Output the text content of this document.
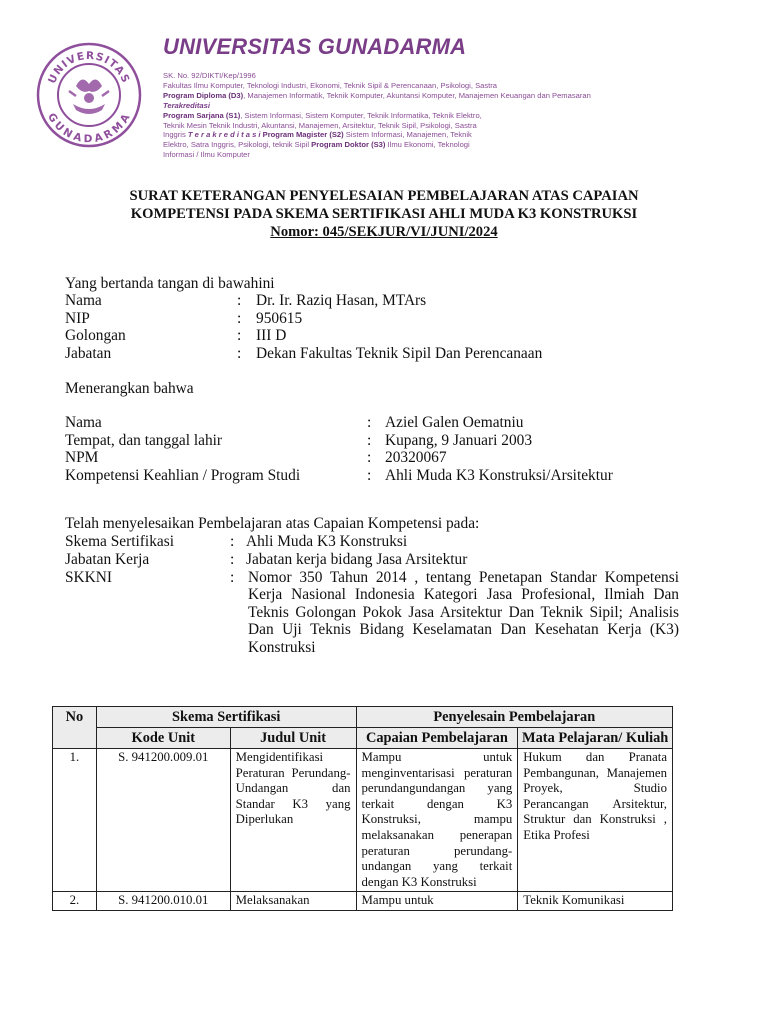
UNIVERSITAS
GUNADARMA
UNIVERSITAS GUNADARMA
SK. No. 92/DIKTI/Kep/1996
Fakultas Ilmu Komputer, Teknologi Industri, Ekonomi, Teknik Sipil & Perencanaan, Psikologi, Sastra
Program Diploma (D3), Manajemen Informatik, Teknik Komputer, Akuntansi Komputer, Manajemen Keuangan dan Pemasaran
Terakreditasi
Program Sarjana (S1), Sistem Informasi, Sistem Komputer, Teknik Informatika, Teknik Elektro,
Teknik Mesin Teknik Industri, Akuntansi, Manajemen, Arsitektur, Teknik Sipil, Psikologi, Sastra
Inggris T e r a k r e d i t a s i Program Magister (S2) Sistem Informasi, Manajemen, Teknik
Elektro, Satra Inggris, Psikologi, teknik Sipil Program Doktor (S3) Ilmu Ekonomi, Teknologi
Informasi / Ilmu Komputer
SURAT KETERANGAN PENYELESAIAN PEMBELAJARAN ATAS CAPAIAN
KOMPETENSI PADA SKEMA SERTIFIKASI AHLI MUDA K3 KONSTRUKSI
Nomor: 045/SEKJUR/VI/JUNI/2024
Yang bertanda tangan di bawahini
Nama	: Dr. Ir. Raziq Hasan, MTArs
NIP	: 950615
Golongan	: III D
Jabatan	: Dekan Fakultas Teknik Sipil Dan Perencanaan
Menerangkan bahwa
Nama	: Aziel Galen Oematniu
Tempat, dan tanggal lahir	: Kupang, 9 Januari 2003
NPM	: 20320067
Kompetensi Keahlian / Program Studi	: Ahli Muda K3 Konstruksi/Arsitektur
Telah menyelesaikan Pembelajaran atas Capaian Kompetensi pada:
Skema Sertifikasi	: Ahli Muda K3 Konstruksi
Jabatan Kerja	: Jabatan kerja bidang Jasa Arsitektur
SKKNI	: Nomor 350 Tahun 2014 , tentang Penetapan Standar Kompetensi Kerja Nasional Indonesia Kategori Jasa Profesional, Ilmiah Dan Teknis Golongan Pokok Jasa Arsitektur Dan Teknik Sipil; Analisis Dan Uji Teknis Bidang Keselamatan Dan Kesehatan Kerja (K3) Konstruksi
No	Skema Sertifikasi		Penyelesain Pembelajaran	
	Kode Unit	Judul Unit	Capaian Pembelajaran	Mata Pelajaran/ Kuliah
1.	S. 941200.009.01	Mengidentifikasi Peraturan Perundang-Undangan dan Standar K3 yang Diperlukan	Mampu untuk menginventarisasi peraturan perundangundangan yang terkait dengan K3 Konstruksi, mampu melaksanakan penerapan peraturan perundang-undangan yang terkait dengan K3 Konstruksi	Hukum dan Pranata Pembangunan, Manajemen Proyek, Studio Perancangan Arsitektur, Struktur dan Konstruksi , Etika Profesi
2.	S. 941200.010.01	Melaksanakan	Mampu untuk	Teknik Komunikasi
